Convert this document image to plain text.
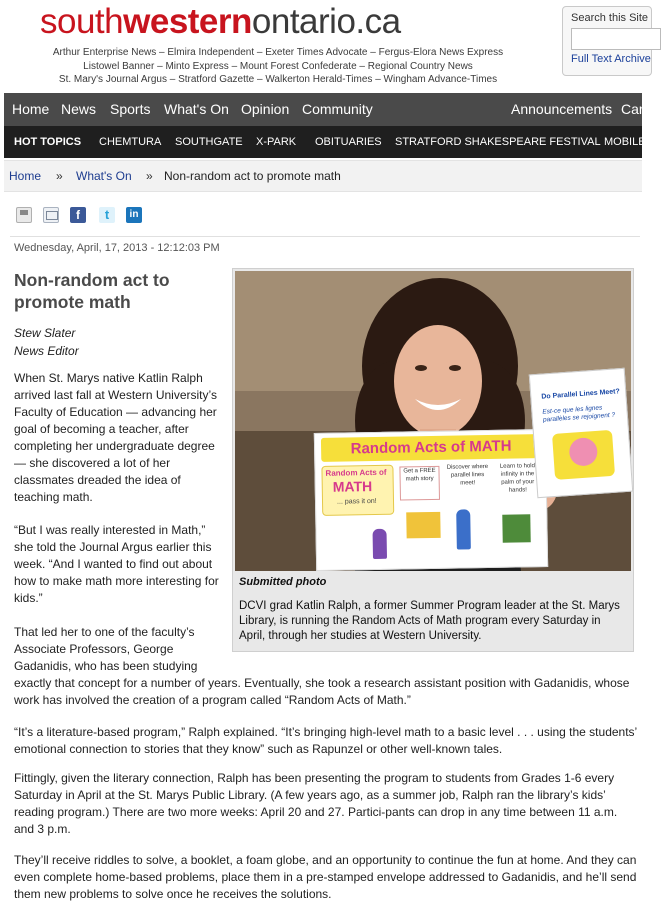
southwesternontario.ca
Arthur Enterprise News – Elmira Independent – Exeter Times Advocate – Fergus-Elora News Express
Listowel Banner – Minto Express – Mount Forest Confederate – Regional Country News
St. Mary's Journal Argus – Stratford Gazette – Walkerton Herald-Times – Wingham Advance-Times
Search this Site
Full Text Archive
Home News Sports What's On Opinion Community	Announcements Car
HOT TOPICS CHEMTURA SOUTHGATE X-PARK OBITUARIES STRATFORD SHAKESPEARE FESTIVAL MOBILE
Home » What's On » Non-random act to promote math
f	t	in
Wednesday, April, 17, 2013 - 12:12:03 PM
Non-random act to promote math
Stew Slater
News Editor

When St. Marys native Katlin Ralph arrived last fall at Western University’s Faculty of Education — advancing her goal of becoming a teacher, after completing her undergraduate degree — she discovered a lot of her classmates dreaded the idea of teaching math.

“But I was really interested in Math,” she told the Journal Argus earlier this week. “And I wanted to find out about how to make math more interesting for kids.”

That led her to one of the faculty’s Associate Professors, George Gadanidis, who has been studying

exactly that concept for a number of years. Eventually, she took a research assistant position with Gadanidis, whose work has involved the creation of a program called “Random Acts of Math.”

“It’s a literature-based program,” Ralph explained. “It’s bringing high-level math to a basic level . . . using the students’ emotional connection to stories that they know” such as Rapunzel or other well-known tales.

Fittingly, given the literary connection, Ralph has been presenting the program to students from Grades 1-6 every Saturday in April at the St. Marys Public Library. (A few years ago, as a summer job, Ralph ran the library’s kids’ reading program.) There are two more weeks: April 20 and 27. Partici-pants can drop in any time between 11 a.m. and 3 p.m.

They’ll receive riddles to solve, a booklet, a foam globe, and an opportunity to continue the fun at home. And they can even complete home-based problems, place them in a pre-stamped envelope addressed to Gadanidis, and he’ll send them new problems to solve once he receives the solutions.

Random Acts of MATH
Random Acts of
MATH
... pass it on!
Get a FREE math story
Discover where parallel lines meet!
Learn to hold infinity in the palm of your hands!
Do Parallel Lines Meet?
Est-ce que les lignes parallèles se rejoignent ?
Submitted photo
DCVI grad Katlin Ralph, a former Summer Program leader at the St. Marys Library, is running the Random Acts of Math program every Saturday in April, through her studies at Western University.
